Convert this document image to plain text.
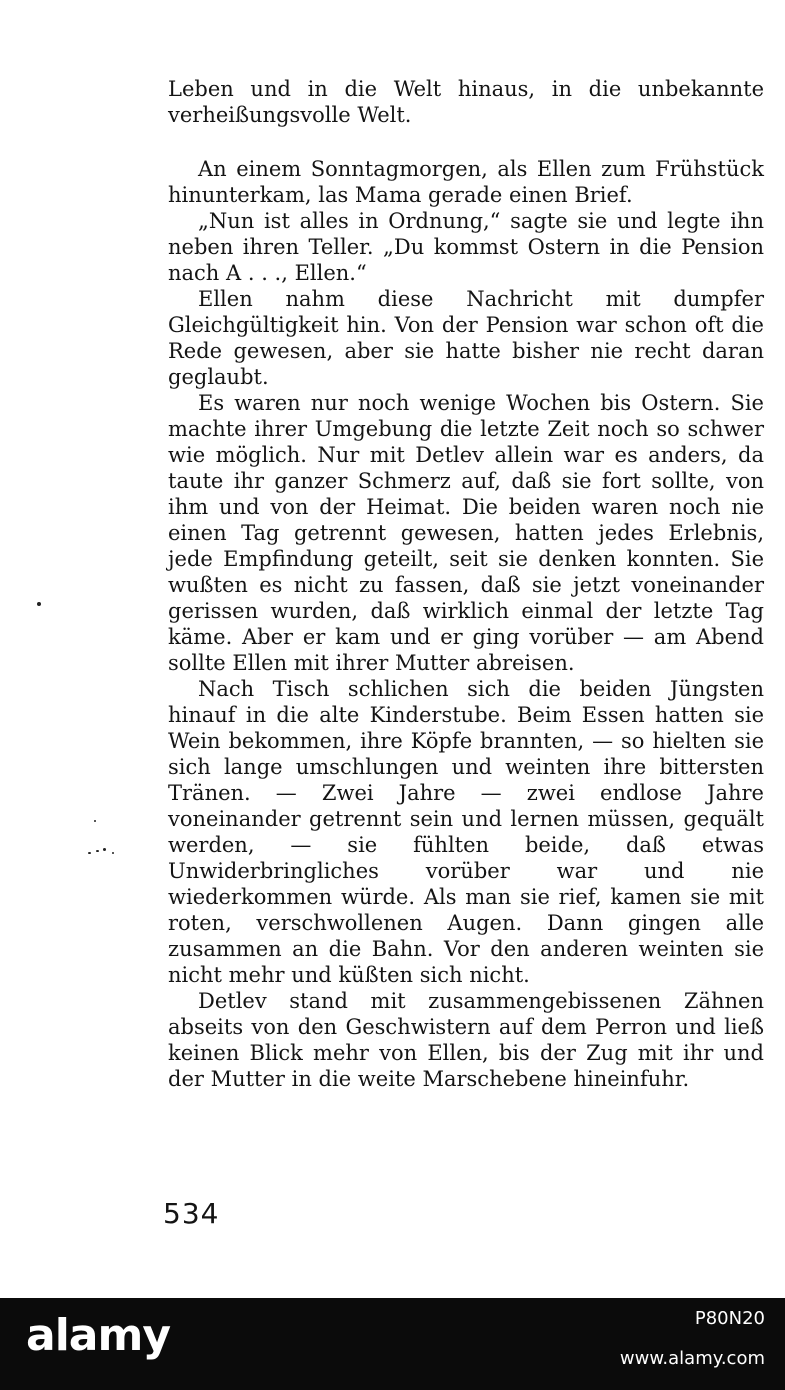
Leben und in die Welt hinaus, in die unbekannte verheißungsvolle Welt.

An einem Sonntagmorgen, als Ellen zum Frühstück hinunterkam, las Mama gerade einen Brief.

„Nun ist alles in Ordnung,“ sagte sie und legte ihn neben ihren Teller. „Du kommst Ostern in die Pension nach A . . ., Ellen.“

Ellen nahm diese Nachricht mit dumpfer Gleichgültigkeit hin. Von der Pension war schon oft die Rede gewesen, aber sie hatte bisher nie recht daran geglaubt.

Es waren nur noch wenige Wochen bis Ostern. Sie machte ihrer Umgebung die letzte Zeit noch so schwer wie möglich. Nur mit Detlev allein war es anders, da taute ihr ganzer Schmerz auf, daß sie fort sollte, von ihm und von der Heimat. Die beiden waren noch nie einen Tag getrennt gewesen, hatten jedes Erlebnis, jede Empfindung geteilt, seit sie denken konnten. Sie wußten es nicht zu fassen, daß sie jetzt voneinander gerissen wurden, daß wirklich einmal der letzte Tag käme. Aber er kam und er ging vorüber — am Abend sollte Ellen mit ihrer Mutter abreisen.

Nach Tisch schlichen sich die beiden Jüngsten hinauf in die alte Kinderstube. Beim Essen hatten sie Wein bekommen, ihre Köpfe brannten, — so hielten sie sich lange umschlungen und weinten ihre bittersten Tränen. — Zwei Jahre — zwei endlose Jahre voneinander getrennt sein und lernen müssen, gequält werden, — sie fühlten beide, daß etwas Unwiderbringliches vorüber war und nie wiederkommen würde. Als man sie rief, kamen sie mit roten, verschwollenen Augen. Dann gingen alle zusammen an die Bahn. Vor den anderen weinten sie nicht mehr und küßten sich nicht.

Detlev stand mit zusammengebissenen Zähnen abseits von den Geschwistern auf dem Perron und ließ keinen Blick mehr von Ellen, bis der Zug mit ihr und der Mutter in die weite Marschebene hineinfuhr.

534
alamy	P80N20
www.alamy.com
